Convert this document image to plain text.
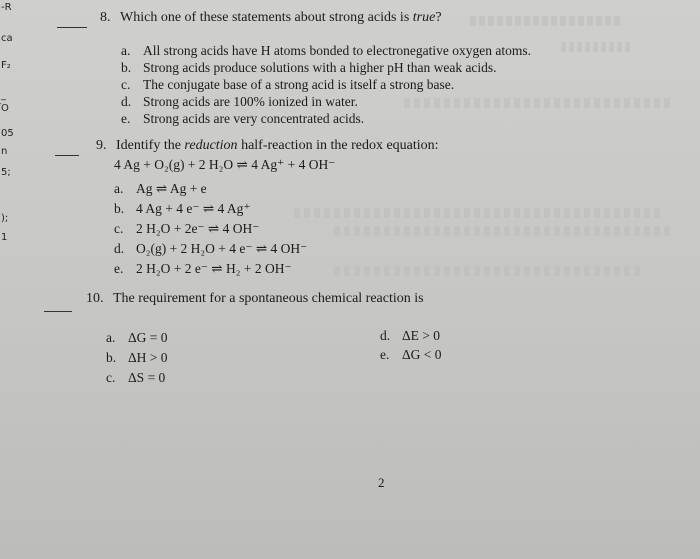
-R
ca
F₂
_
̅O
05
n
5;
);
1
8. Which one of these statements about strong acids is true?
a. All strong acids have H atoms bonded to electronegative oxygen atoms.
b. Strong acids produce solutions with a higher pH than weak acids.
c. The conjugate base of a strong acid is itself a strong base.
d. Strong acids are 100% ionized in water.
e. Strong acids are very concentrated acids.
9. Identify the reduction half-reaction in the redox equation:
4 Ag + O₂(g) + 2 H₂O ⇌ 4 Ag⁺ + 4 OH⁻
a. Ag ⇌ Ag + e
b. 4 Ag + 4 e⁻ ⇌ 4 Ag⁺
c. 2 H₂O + 2e⁻ ⇌ 4 OH⁻
d. O₂(g) + 2 H₂O + 4 e⁻ ⇌ 4 OH⁻
e. 2 H₂O + 2 e⁻ ⇌ H₂ + 2 OH⁻
10. The requirement for a spontaneous chemical reaction is
a. ΔG = 0
b. ΔH > 0
c. ΔS = 0
d. ΔE > 0
e. ΔG < 0
2
